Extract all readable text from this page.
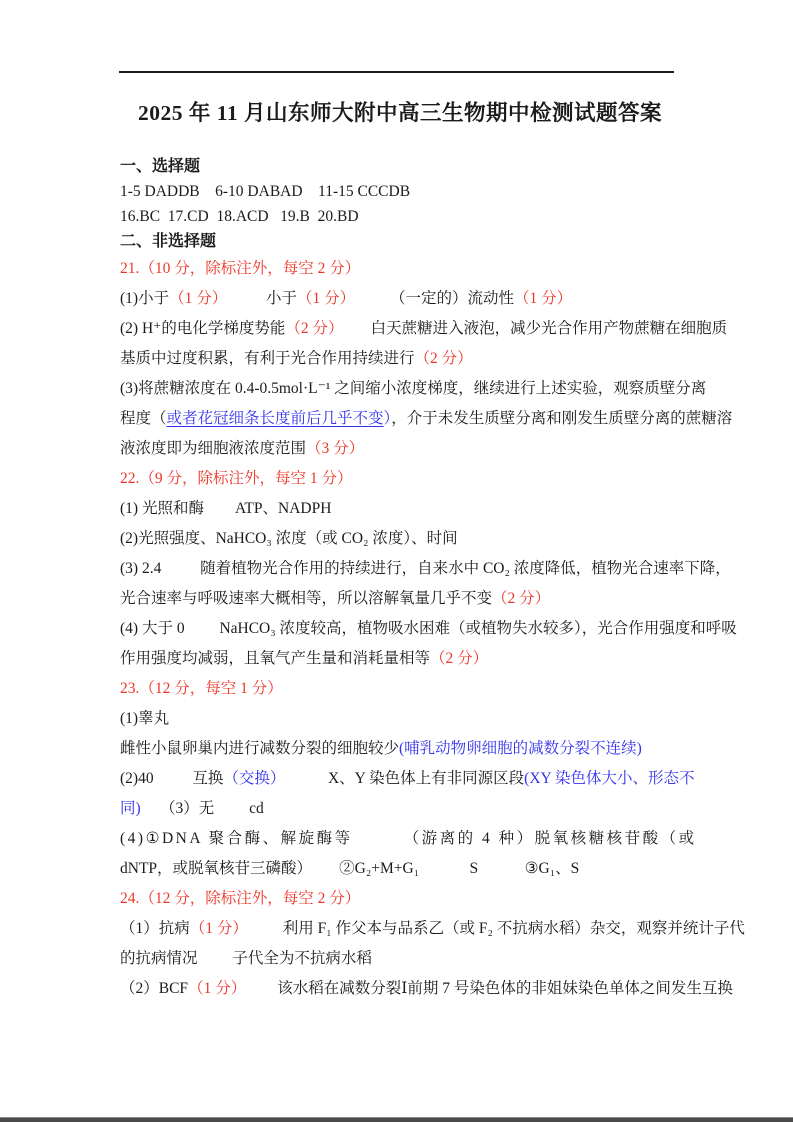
2025 年 11 月山东师大附中高三生物期中检测试题答案

一、选择题

1-5 DADDB    6-10 DABAD    11-15 CCCDB

16.BC  17.CD  18.ACD   19.B  20.BD

二、非选择题

21.（10 分，除标注外，每空 2 分）

(1)小于（1 分）          小于（1 分）         （一定的）流动性（1 分）

(2) H⁺的电化学梯度势能（2 分）       白天蔗糖进入液泡，减少光合作用产物蔗糖在细胞质

基质中过度积累，有利于光合作用持续进行（2 分）

(3)将蔗糖浓度在 0.4-0.5mol·L⁻¹ 之间缩小浓度梯度，继续进行上述实验，观察质壁分离

程度（或者花冠细条长度前后几乎不变），介于未发生质壁分离和刚发生质壁分离的蔗糖溶

液浓度即为细胞液浓度范围（3 分）

22.（9 分，除标注外，每空 1 分）

(1) 光照和酶        ATP、NADPH

(2)光照强度、NaHCO₃ 浓度（或 CO₂ 浓度）、时间

(3) 2.4          随着植物光合作用的持续进行，自来水中 CO₂ 浓度降低，植物光合速率下降，

光合速率与呼吸速率大概相等，所以溶解氧量几乎不变（2 分）

(4) 大于 0         NaHCO₃ 浓度较高，植物吸水困难（或植物失水较多），光合作用强度和呼吸

作用强度均减弱，且氧气产生量和消耗量相等（2 分）

23.（12 分，每空 1 分）

(1)睾丸

雌性小鼠卵巢内进行减数分裂的细胞较少(哺乳动物卵细胞的减数分裂不连续)

(2)40          互换（交换）           X、Y 染色体上有非同源区段(XY 染色体大小、形态不

同)     （3）无         cd

(4)①DNA 聚合酶、解旋酶等        （游离的 4 种）脱氧核糖核苷酸（或

dNTP，或脱氧核苷三磷酸）       ②G₂+M+G₁             S            ③G₁、S

24.（12 分，除标注外，每空 2 分）

（1）抗病（1 分）         利用 F₁ 作父本与品系乙（或 F₂ 不抗病水稻）杂交，观察并统计子代

的抗病情况         子代全为不抗病水稻

（2）BCF（1 分）        该水稻在减数分裂Ⅰ前期 7 号染色体的非姐妹染色单体之间发生互换
